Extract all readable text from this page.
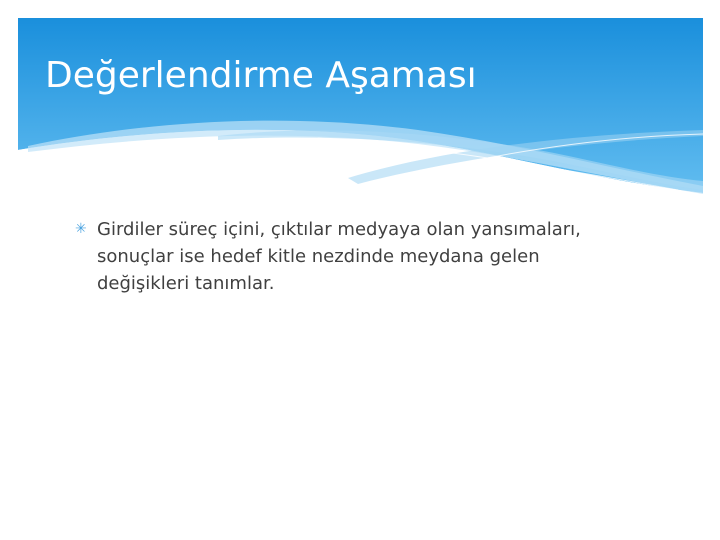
Değerlendirme Aşaması
✳ Girdiler süreç içini, çıktılar medyaya olan yansımaları, sonuçlar ise hedef kitle nezdinde meydana gelen değişikleri tanımlar.
